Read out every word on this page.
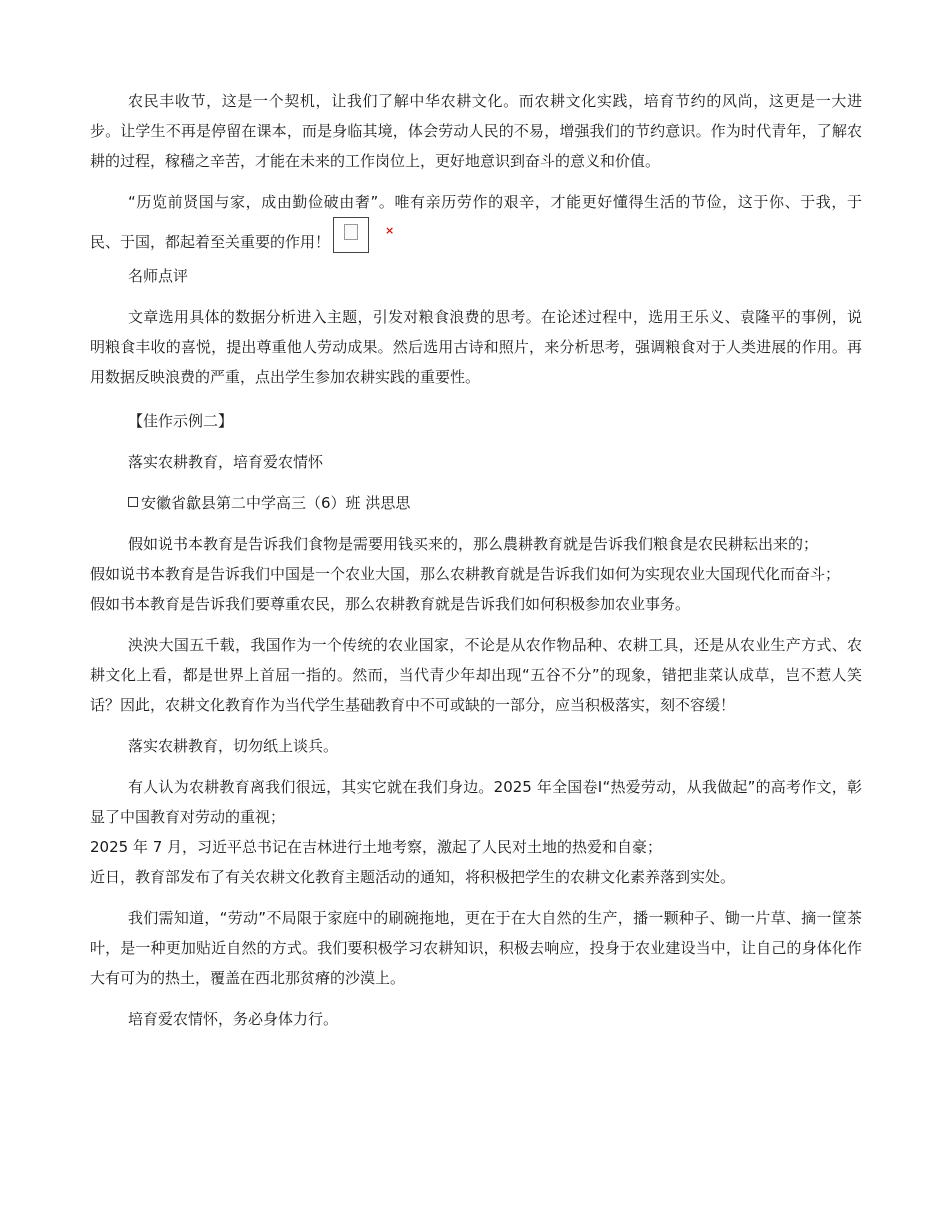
农民丰收节，这是一个契机，让我们了解中华农耕文化。而农耕文化实践，培育节约的风尚，这更是一大进步。让学生不再是停留在课本，而是身临其境，体会劳动人民的不易，增强我们的节约意识。作为时代青年，了解农耕的过程，稼穑之辛苦，才能在未来的工作岗位上，更好地意识到奋斗的意义和价值。

“历览前贤国与家，成由勤俭破由奢”。唯有亲历劳作的艰辛，才能更好懂得生活的节俭，这于你、于我，于民、于国，都起着至关重要的作用！
×

名师点评

文章选用具体的数据分析进入主题，引发对粮食浪费的思考。在论述过程中，选用王乐义、袁隆平的事例，说明粮食丰收的喜悦，提出尊重他人劳动成果。然后选用古诗和照片，来分析思考，强调粮食对于人类进展的作用。再用数据反映浪费的严重，点出学生参加农耕实践的重要性。

【佳作示例二】

落实农耕教育，培育爱农情怀

安徽省歙县第二中学高三（6）班 洪思思

假如说书本教育是告诉我们食物是需要用钱买来的，那么農耕教育就是告诉我们粮食是农民耕耘出来的；

假如说书本教育是告诉我们中国是一个农业大国，那么农耕教育就是告诉我们如何为实现农业大国现代化而奋斗；

假如书本教育是告诉我们要尊重农民，那么农耕教育就是告诉我们如何积极参加农业事务。

泱泱大国五千载，我国作为一个传统的农业国家，不论是从农作物品种、农耕工具，还是从农业生产方式、农耕文化上看，都是世界上首屈一指的。然而，当代青少年却出现“五谷不分”的现象，错把韭菜认成草，岂不惹人笑话？因此，农耕文化教育作为当代学生基础教育中不可或缺的一部分，应当积极落实，刻不容缓！

落实农耕教育，切勿纸上谈兵。

有人认为农耕教育离我们很远，其实它就在我们身边。2025 年全国卷Ⅰ“热爱劳动，从我做起”的高考作文，彰显了中国教育对劳动的重视；

2025 年 7 月，习近平总书记在吉林进行土地考察，激起了人民对土地的热爱和自豪；

近日，教育部发布了有关农耕文化教育主题活动的通知，将积极把学生的农耕文化素养落到实处。

我们需知道，“劳动”不局限于家庭中的刷碗拖地，更在于在大自然的生产，播一颗种子、锄一片草、摘一筐茶叶，是一种更加贴近自然的方式。我们要积极学习农耕知识，积极去响应，投身于农业建设当中，让自己的身体化作大有可为的热土，覆盖在西北那贫瘠的沙漠上。

培育爱农情怀，务必身体力行。
